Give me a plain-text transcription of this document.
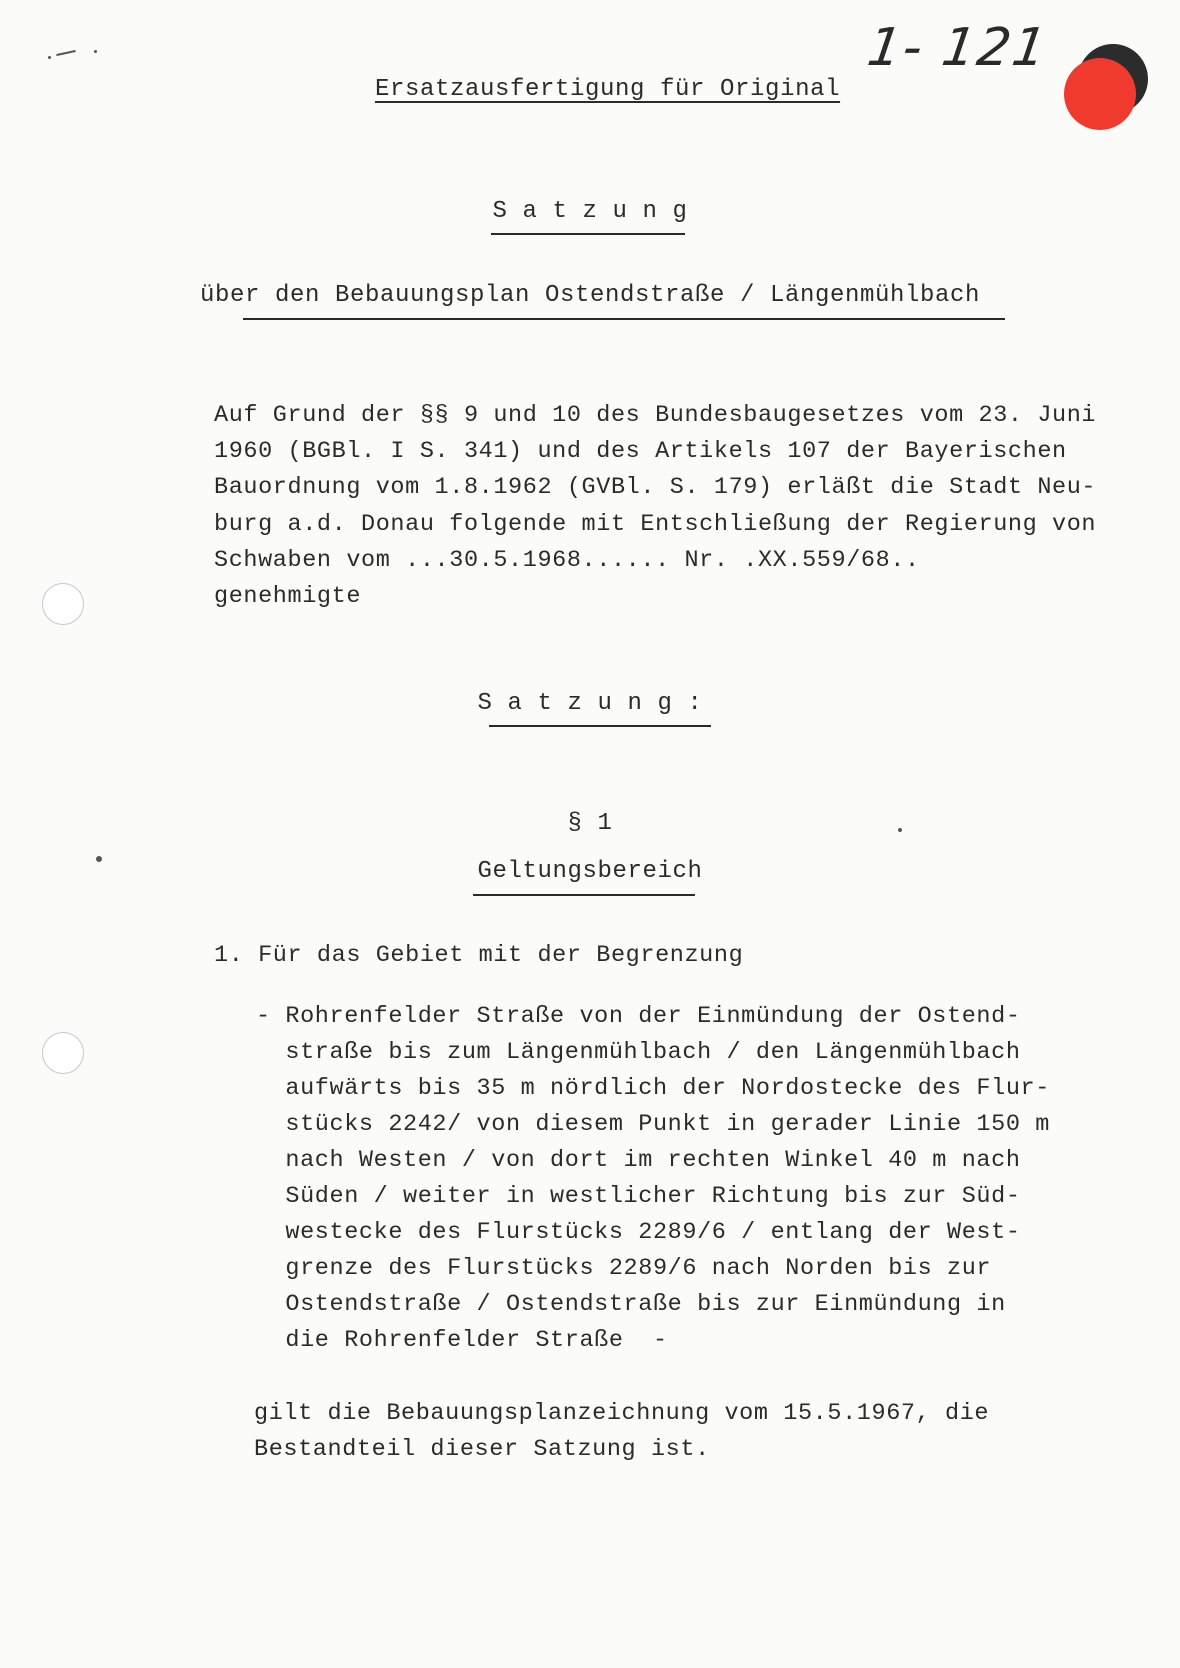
1- 121
Ersatzausfertigung für Original
S a t z u n g
über den Bebauungsplan Ostendstraße / Längenmühlbach
Auf Grund der §§ 9 und 10 des Bundesbaugesetzes vom 23. Juni
1960 (BGBl. I S. 341) und des Artikels 107 der Bayerischen
Bauordnung vom 1.8.1962 (GVBl. S. 179) erläßt die Stadt Neu-
burg a.d. Donau folgende mit Entschließung der Regierung von
Schwaben vom ...30.5.1968...... Nr. .XX.559/68..
genehmigte
S a t z u n g :
§ 1
Geltungsbereich
1. Für das Gebiet mit der Begrenzung
- Rohrenfelder Straße von der Einmündung der Ostend-
straße bis zum Längenmühlbach / den Längenmühlbach
aufwärts bis 35 m nördlich der Nordostecke des Flur-
stücks 2242/ von diesem Punkt in gerader Linie 150 m
nach Westen / von dort im rechten Winkel 40 m nach
Süden / weiter in westlicher Richtung bis zur Süd-
westecke des Flurstücks 2289/6 / entlang der West-
grenze des Flurstücks 2289/6 nach Norden bis zur
Ostendstraße / Ostendstraße bis zur Einmündung in
die Rohrenfelder Straße  -
gilt die Bebauungsplanzeichnung vom 15.5.1967, die
Bestandteil dieser Satzung ist.
